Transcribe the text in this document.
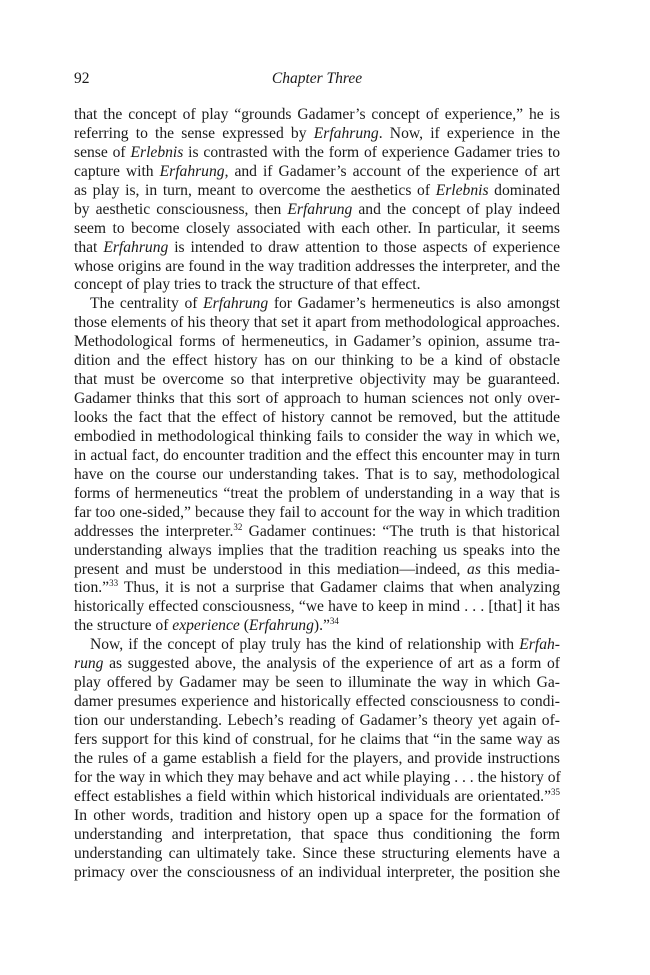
92	Chapter Three
that the concept of play “grounds Gadamer’s concept of experience,” he is
referring to the sense expressed by Erfahrung. Now, if experience in the
sense of Erlebnis is contrasted with the form of experience Gadamer tries to
capture with Erfahrung, and if Gadamer’s account of the experience of art
as play is, in turn, meant to overcome the aesthetics of Erlebnis dominated
by aesthetic consciousness, then Erfahrung and the concept of play indeed
seem to become closely associated with each other. In particular, it seems
that Erfahrung is intended to draw attention to those aspects of experience
whose origins are found in the way tradition addresses the interpreter, and the
concept of play tries to track the structure of that effect.
The centrality of Erfahrung for Gadamer’s hermeneutics is also amongst
those elements of his theory that set it apart from methodological approaches.
Methodological forms of hermeneutics, in Gadamer’s opinion, assume tra-
dition and the effect history has on our thinking to be a kind of obstacle
that must be overcome so that interpretive objectivity may be guaranteed.
Gadamer thinks that this sort of approach to human sciences not only over-
looks the fact that the effect of history cannot be removed, but the attitude
embodied in methodological thinking fails to consider the way in which we,
in actual fact, do encounter tradition and the effect this encounter may in turn
have on the course our understanding takes. That is to say, methodological
forms of hermeneutics “treat the problem of understanding in a way that is
far too one-sided,” because they fail to account for the way in which tradition
addresses the interpreter.$^{32}$ Gadamer continues: “The truth is that historical
understanding always implies that the tradition reaching us speaks into the
present and must be understood in this mediation—indeed, as this media-
tion.”$^{33}$ Thus, it is not a surprise that Gadamer claims that when analyzing
historically effected consciousness, “we have to keep in mind . . . [that] it has
the structure of experience (Erfahrung).”$^{34}$
Now, if the concept of play truly has the kind of relationship with Erfah-
rung as suggested above, the analysis of the experience of art as a form of
play offered by Gadamer may be seen to illuminate the way in which Ga-
damer presumes experience and historically effected consciousness to condi-
tion our understanding. Lebech’s reading of Gadamer’s theory yet again of-
fers support for this kind of construal, for he claims that “in the same way as
the rules of a game establish a field for the players, and provide instructions
for the way in which they may behave and act while playing . . . the history of
effect establishes a field within which historical individuals are orientated.”$^{35}$
In other words, tradition and history open up a space for the formation of
understanding and interpretation, that space thus conditioning the form
understanding can ultimately take. Since these structuring elements have a
primacy over the consciousness of an individual interpreter, the position she
